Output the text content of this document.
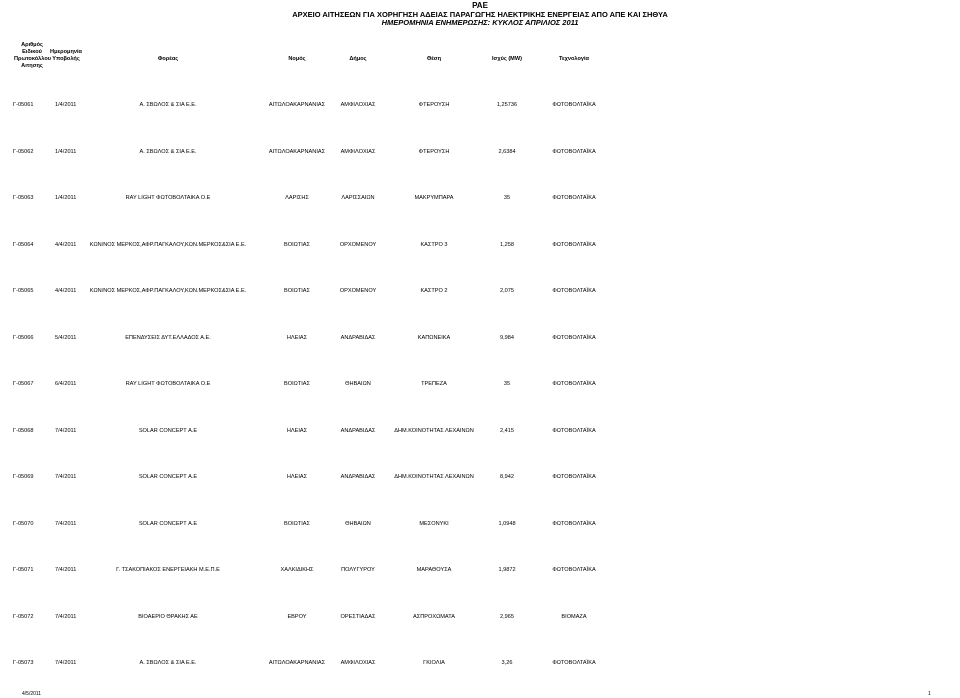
ΡΑΕ
ΑΡΧΕΙΟ ΑΙΤΗΣΕΩΝ ΓΙΑ ΧΟΡΗΓΗΣΗ ΑΔΕΙΑΣ ΠΑΡΑΓΩΓΗΣ ΗΛΕΚΤΡΙΚΗΣ ΕΝΕΡΓΕΙΑΣ ΑΠΟ ΑΠΕ ΚΑΙ ΣΗΘΥΑ
ΗΜΕΡΟΜΗΝΙΑ ΕΝΗΜΕΡΩΣΗΣ: ΚΥΚΛΟΣ ΑΠΡΙΛΙΟΣ 2011
Αριθμός Ειδικού Πρωτοκόλλου Αιτησης
Ημερομηνία Υποβολής	Φορέας	Νομός	Δήμος	Θέση	Ισχύς (MW)	Τεχνολογία
Γ-05061	1/4/2011	Α. ΣΒΩΛΟΣ & ΣΙΑ Ε.Ε.	ΑΙΤΩΛΟΑΚΑΡΝΑΝΙΑΣ	ΑΜΦΙΛΟΧΙΑΣ	ΦΤΕΡΟΥΣΗ	1,25736	ΦΩΤΟΒΟΛΤΑΪΚΑ
Γ-05062	1/4/2011	Α. ΣΒΩΛΟΣ & ΣΙΑ Ε.Ε.	ΑΙΤΩΛΟΑΚΑΡΝΑΝΙΑΣ	ΑΜΦΙΛΟΧΙΑΣ	ΦΤΕΡΟΥΣΗ	2,6384	ΦΩΤΟΒΟΛΤΑΪΚΑ
Γ-05063	1/4/2011	RAY LIGHT ΦΩΤΟΒΟΛΤΑΙΚΑ Ο.Ε	ΛΑΡΙΣΗΣ	ΛΑΡΙΣΣΑΙΩΝ	ΜΑΚΡΥΜΠΑΡΑ	35	ΦΩΤΟΒΟΛΤΑΪΚΑ
Γ-05064	4/4/2011 ΚΩΝ/ΝΟΣ ΜΕΡΚΟΣ,ΑΦΡ.ΠΑΓΚΑΛΟΥ,ΚΩΝ.ΜΕΡΚΟΣ&ΣΙΑ Ε.Ε.	ΒΟΙΩΤΙΑΣ	ΟΡΧΟΜΕΝΟΥ	ΚΑΣΤΡΟ 3	1,258	ΦΩΤΟΒΟΛΤΑΪΚΑ
Γ-05065	4/4/2011 ΚΩΝ/ΝΟΣ ΜΕΡΚΟΣ,ΑΦΡ.ΠΑΓΚΑΛΟΥ,ΚΩΝ.ΜΕΡΚΟΣ&ΣΙΑ Ε.Ε.	ΒΟΙΩΤΙΑΣ	ΟΡΧΟΜΕΝΟΥ	ΚΑΣΤΡΟ 2	2,075	ΦΩΤΟΒΟΛΤΑΪΚΑ
Γ-05066	5/4/2011	ΕΠΕΝΔΥΣΕΙΣ ΔΥΤ.ΕΛΛΑΔΟΣ Α.Ε.	ΗΛΕΙΑΣ	ΑΝΔΡΑΒΙΔΑΣ	ΚΑΠΩΝΕΙΚΑ	9,984	ΦΩΤΟΒΟΛΤΑΪΚΑ
Γ-05067	6/4/2011	RAY LIGHT ΦΩΤΟΒΟΛΤΑΙΚΑ Ο.Ε	ΒΟΙΩΤΙΑΣ	ΘΗΒΑΙΩΝ	ΤΡΕΠΕΖΑ	35	ΦΩΤΟΒΟΛΤΑΪΚΑ
Γ-05068	7/4/2011	SOLAR CONCEPT Α.Ε	ΗΛΕΙΑΣ	ΑΝΔΡΑΒΙΔΑΣ	ΔΗΜ.ΚΟΙΝΟΤΗΤΑΣ ΛΕΧΑΙΝΩΝ	2,415	ΦΩΤΟΒΟΛΤΑΪΚΑ
Γ-05069	7/4/2011	SOLAR CONCEPT Α.Ε	ΗΛΕΙΑΣ	ΑΝΔΡΑΒΙΔΑΣ	ΔΗΜ.ΚΟΙΝΟΤΗΤΑΣ ΛΕΧΑΙΝΩΝ	8,942	ΦΩΤΟΒΟΛΤΑΪΚΑ
Γ-05070	7/4/2011	SOLAR CONCEPT Α.Ε	ΒΟΙΩΤΙΑΣ	ΘΗΒΑΙΩΝ	ΜΕΣΟΝΥΚΙ	1,0948	ΦΩΤΟΒΟΛΤΑΪΚΑ
Γ-05071	7/4/2011	Γ. ΤΣΑΚΟΠΙΑΚΟΣ ΕΝΕΡΓΕΙΑΚΗ Μ.Ε.Π.Ε	ΧΑΛΚΙΔΙΚΗΣ	ΠΟΛΥΓΥΡΟΥ	ΜΑΡΑΘΟΥΣΑ	1,9872	ΦΩΤΟΒΟΛΤΑΪΚΑ
Γ-05072	7/4/2011	ΒΙΟΑΕΡΙΟ ΘΡΑΚΗΣ ΑΕ	ΕΒΡΟΥ	ΟΡΕΣΤΙΑΔΑΣ	ΑΣΠΡΟΧΩΜΑΤΑ	2,965	ΒΙΟΜΑΖΑ
Γ-05073	7/4/2011	Α. ΣΒΩΛΟΣ & ΣΙΑ Ε.Ε.	ΑΙΤΩΛΟΑΚΑΡΝΑΝΙΑΣ	ΑΜΦΙΛΟΧΙΑΣ	ΓΚΙΟΛΙΑ	3,26	ΦΩΤΟΒΟΛΤΑΪΚΑ
4/5/2011	1
